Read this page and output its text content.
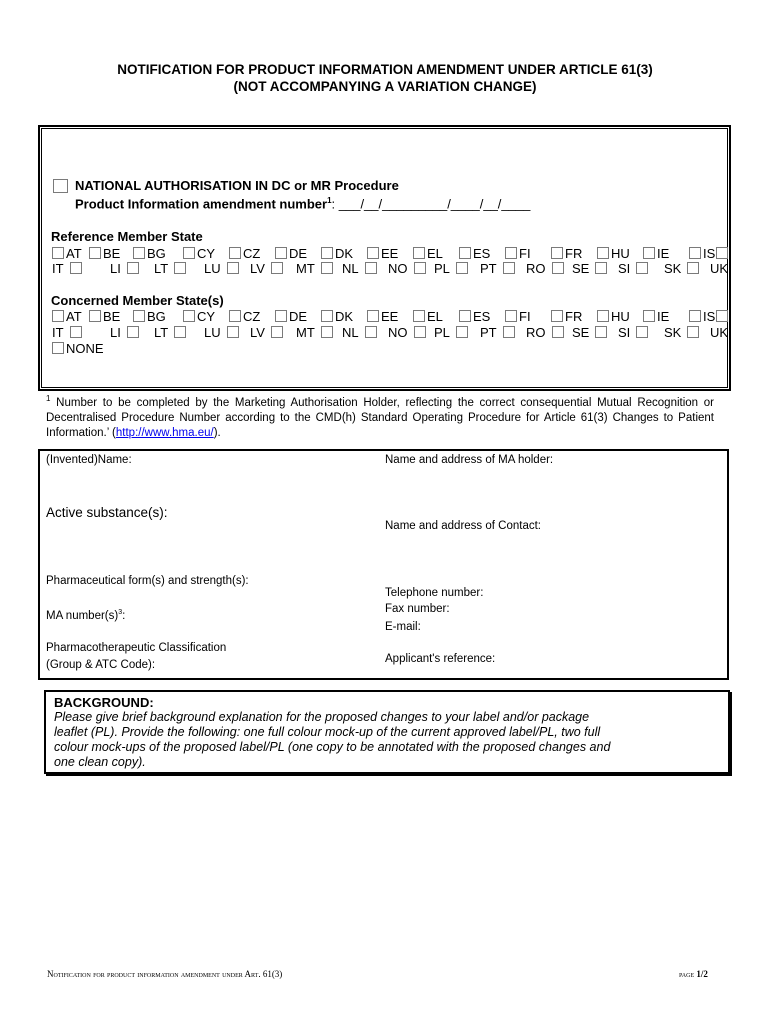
NOTIFICATION FOR PRODUCT INFORMATION AMENDMENT UNDER ARTICLE 61(3)
(NOT ACCOMPANYING A VARIATION CHANGE)
NATIONAL AUTHORISATION IN DC or MR Procedure
Product Information amendment number$^1$: ___/__/_________/____/__/____
Reference Member State
AT	BE	BG	CY	CZ	DE	DK	EE	EL	ES	FI	FR	HU	IE	IS
IT	LI	LT	LU	LV	MT	NL	NO	PL	PT	RO	SE	SI	SK	UK
Concerned Member State(s)
AT	BE	BG	CY	CZ	DE	DK	EE	EL	ES	FI	FR	HU	IE	IS
IT	LI	LT	LU	LV	MT	NL	NO	PL	PT	RO	SE	SI	SK	UK
NONE
$^1$ Number to be completed by the Marketing Authorisation Holder, reflecting the correct consequential Mutual Recognition or Decentralised Procedure Number according to the CMD(h) Standard Operating Procedure for Article 61(3) Changes to Patient Information.’ (http://www.hma.eu/).
(Invented)Name:
Active substance(s):
Pharmaceutical form(s) and strength(s):
MA $number(s)^3$:
Pharmacotherapeutic Classification
(Group & ATC Code):
Name and address of MA holder:
Name and address of Contact:
Telephone number:
Fax number:
E-mail:
Applicant's reference:
BACKGROUND:
Please give brief background explanation for the proposed changes to your label and/or package
leaflet (PL). Provide the following: one full colour mock-up of the current approved label/PL, two full
colour mock-ups of the proposed label/PL (one copy to be annotated with the proposed changes and
one clean copy).
Notification for product information amendment under Art. 61(3)	page 1/2
